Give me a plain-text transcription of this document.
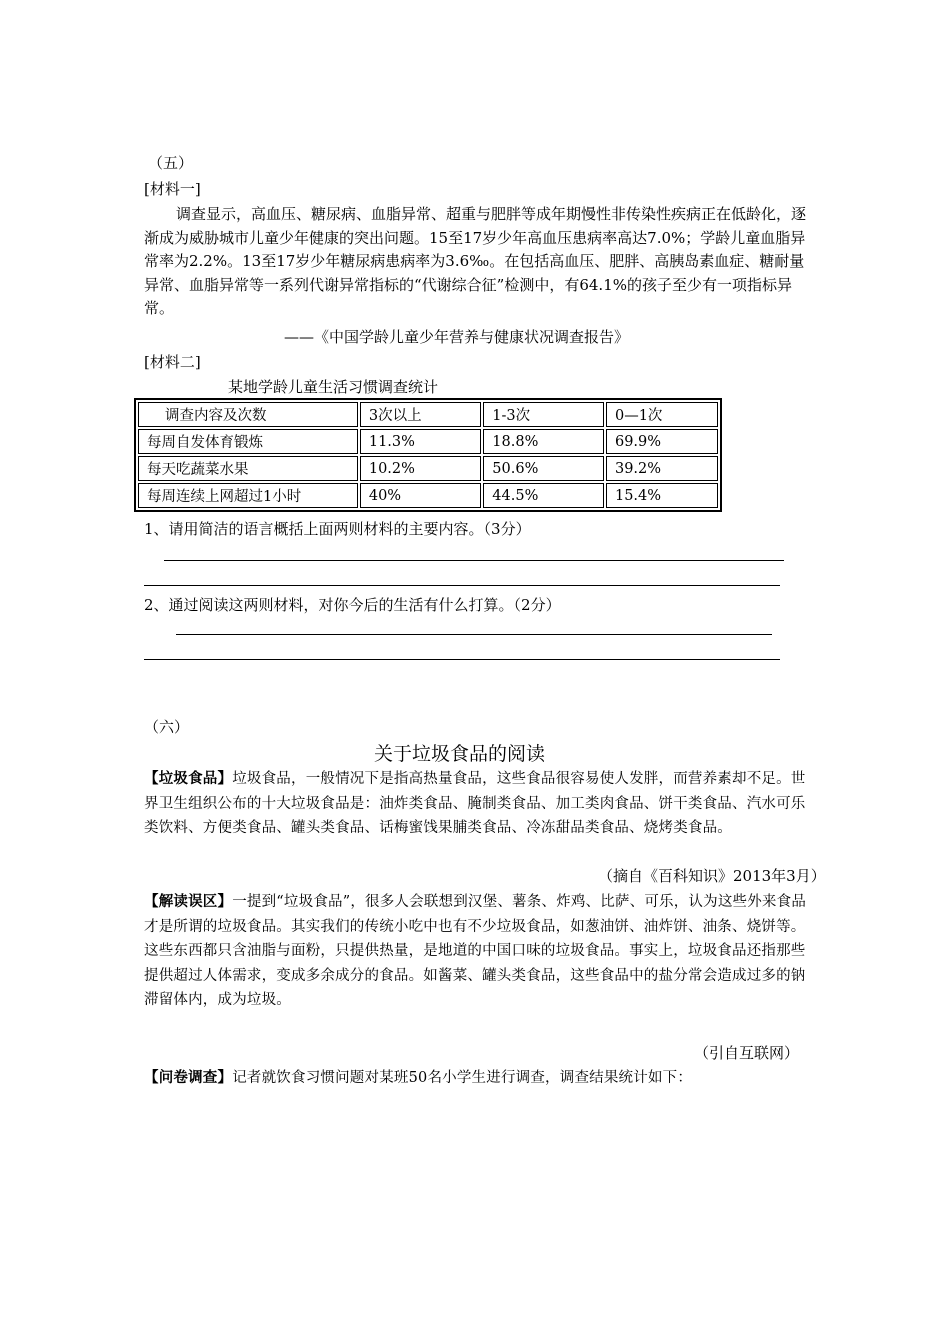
（五）
[材料一]
调查显示，高血压、糖尿病、血脂异常、超重与肥胖等成年期慢性非传染性疾病正在低龄化，逐渐成为威胁城市儿童少年健康的突出问题。15至17岁少年高血压患病率高达7.0%；学龄儿童血脂异常率为2.2%。13至17岁少年糖尿病患病率为3.6‰。在包括高血压、肥胖、高胰岛素血症、糖耐量异常、血脂异常等一系列代谢异常指标的“代谢综合征”检测中，有64.1%的孩子至少有一项指标异常。
——《中国学龄儿童少年营养与健康状况调查报告》
[材料二]
某地学龄儿童生活习惯调查统计
调查内容及次数	3次以上	1-3次	0—1次
每周自发体育锻炼	11.3%	18.8%	69.9%
每天吃蔬菜水果	10.2%	50.6%	39.2%
每周连续上网超过1小时	40%	44.5%	15.4%
1、请用简洁的语言概括上面两则材料的主要内容。（3分）
2、通过阅读这两则材料，对你今后的生活有什么打算。（2分）
（六）
关于垃圾食品的阅读
【垃圾食品】垃圾食品，一般情况下是指高热量食品，这些食品很容易使人发胖，而营养素却不足。世界卫生组织公布的十大垃圾食品是：油炸类食品、腌制类食品、加工类肉食品、饼干类食品、汽水可乐类饮料、方便类食品、罐头类食品、话梅蜜饯果脯类食品、冷冻甜品类食品、烧烤类食品。
（摘自《百科知识》2013年3月）
【解读误区】一提到“垃圾食品”，很多人会联想到汉堡、薯条、炸鸡、比萨、可乐，认为这些外来食品才是所谓的垃圾食品。其实我们的传统小吃中也有不少垃圾食品，如葱油饼、油炸饼、油条、烧饼等。这些东西都只含油脂与面粉，只提供热量，是地道的中国口味的垃圾食品。事实上，垃圾食品还指那些提供超过人体需求，变成多余成分的食品。如酱菜、罐头类食品，这些食品中的盐分常会造成过多的钠滞留体内，成为垃圾。
（引自互联网）
【问卷调查】记者就饮食习惯问题对某班50名小学生进行调查，调查结果统计如下：
